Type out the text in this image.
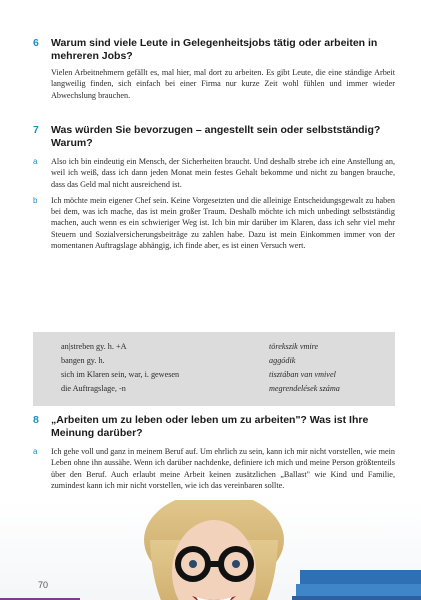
6	Warum sind viele Leute in Gelegenheitsjobs tätig oder arbeiten in mehreren Jobs?
Vielen Arbeitnehmern gefällt es, mal hier, mal dort zu arbeiten. Es gibt Leute, die eine ständige Arbeit langweilig finden, sich einfach bei einer Firma nur kurze Zeit wohl fühlen und immer wieder Abwechslung brauchen.
7	Was würden Sie bevorzugen – angestellt sein oder selbstständig? Warum?
a	Also ich bin eindeutig ein Mensch, der Sicherheiten braucht. Und deshalb strebe ich eine Anstellung an, weil ich weiß, dass ich dann jeden Monat mein festes Gehalt bekomme und nicht zu bangen brauche, dass das Geld mal nicht ausreichend ist.
b	Ich möchte mein eigener Chef sein. Keine Vorgesetzten und die alleinige Entscheidungsgewalt zu haben bei dem, was ich mache, das ist mein großer Traum. Deshalb möchte ich mich unbedingt selbstständig machen, auch wenn es ein schwieriger Weg ist. Ich bin mir darüber im Klaren, dass ich sehr viel mehr Steuern und Sozialversicherungsbeiträge zu zahlen habe. Dazu ist mein Einkommen immer von der momentanen Auftragslage abhängig, ich finde aber, es ist einen Versuch wert.
an|streben gy. h. +A	törekszik vmire
bangen gy. h.	aggódik
sich im Klaren sein, war, i. gewesen	tisztában van vmivel
die Auftragslage, -n	megrendelések száma
70
8	„Arbeiten um zu leben oder leben um zu arbeiten"? Was ist Ihre Meinung darüber?
a	Ich gehe voll und ganz in meinem Beruf auf. Um ehrlich zu sein, kann ich mir nicht vorstellen, wie mein Leben ohne ihn aussähe. Wenn ich darüber nachdenke, definiere ich mich und meine Person größtenteils über den Beruf. Auch erlaubt meine Arbeit keinen zusätzlichen „Ballast" wie Kind und Familie, zumindest kann ich mir nicht vorstellen, wie ich das vereinbaren sollte.
